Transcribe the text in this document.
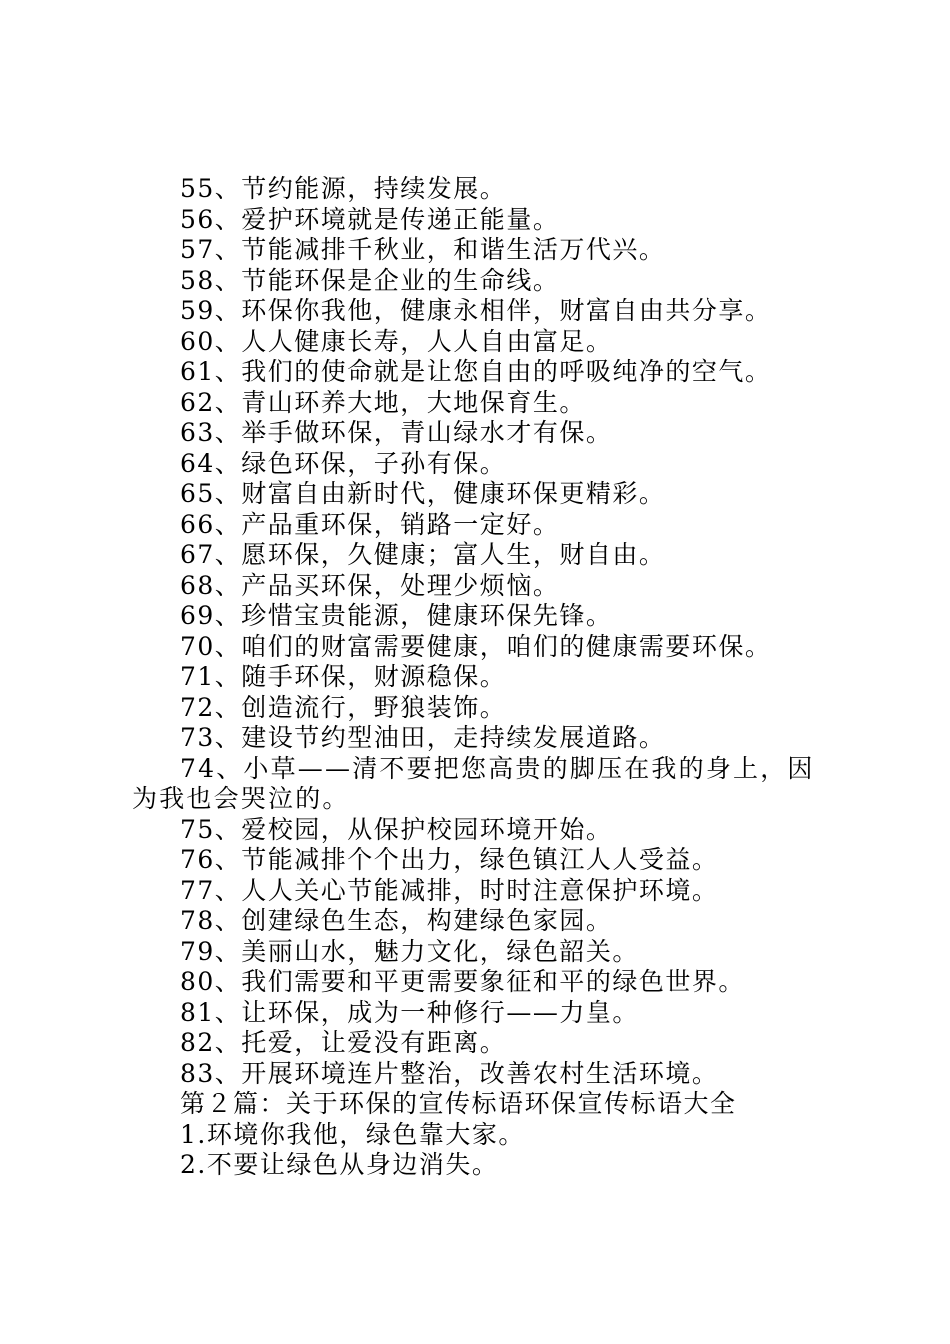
55、节约能源，持续发展。

56、爱护环境就是传递正能量。

57、节能减排千秋业，和谐生活万代兴。

58、节能环保是企业的生命线。

59、环保你我他，健康永相伴，财富自由共分享。

60、人人健康长寿，人人自由富足。

61、我们的使命就是让您自由的呼吸纯净的空气。

62、青山环养大地，大地保育生。

63、举手做环保，青山绿水才有保。

64、绿色环保，子孙有保。

65、财富自由新时代，健康环保更精彩。

66、产品重环保，销路一定好。

67、愿环保，久健康；富人生，财自由。

68、产品买环保，处理少烦恼。

69、珍惜宝贵能源，健康环保先锋。

70、咱们的财富需要健康，咱们的健康需要环保。

71、随手环保，财源稳保。

72、创造流行，野狼装饰。

73、建设节约型油田，走持续发展道路。

74、小草——清不要把您高贵的脚压在我的身上，因为我也会哭泣的。

75、爱校园，从保护校园环境开始。

76、节能减排个个出力，绿色镇江人人受益。

77、人人关心节能减排，时时注意保护环境。

78、创建绿色生态，构建绿色家园。

79、美丽山水，魅力文化，绿色韶关。

80、我们需要和平更需要象征和平的绿色世界。

81、让环保，成为一种修行——力皇。

82、托爱，让爱没有距离。

83、开展环境连片整治，改善农村生活环境。

第２篇：关于环保的宣传标语环保宣传标语大全

1.环境你我他，绿色靠大家。

2.不要让绿色从身边消失。
